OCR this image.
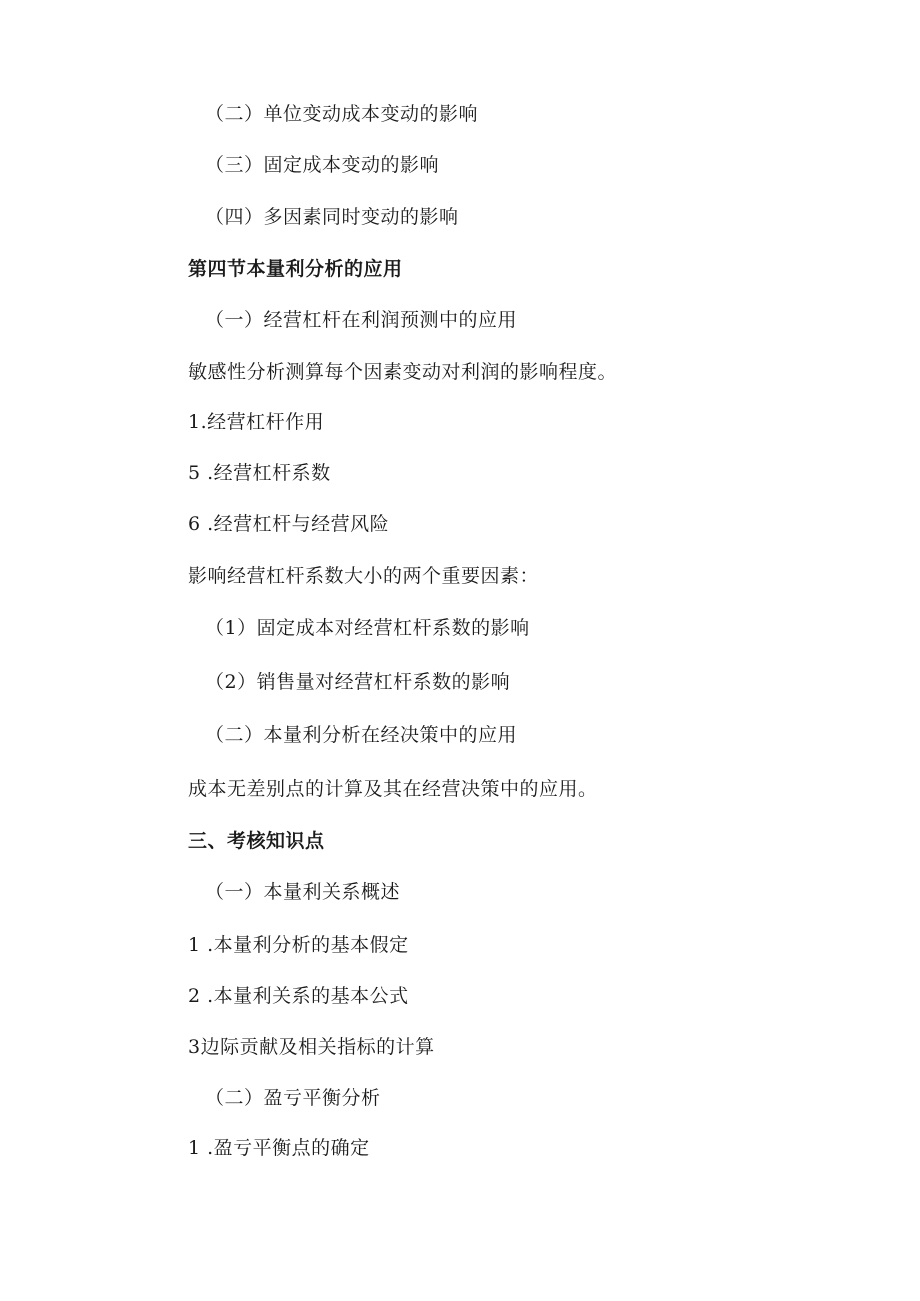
（二）单位变动成本变动的影响
（三）固定成本变动的影响
（四）多因素同时变动的影响
第四节本量利分析的应用
（一）经营杠杆在利润预测中的应用
敏感性分析测算每个因素变动对利润的影响程度。
1.经营杠杆作用
5 .经营杠杆系数
6 .经营杠杆与经营风险
影响经营杠杆系数大小的两个重要因素：
（1）固定成本对经营杠杆系数的影响
（2）销售量对经营杠杆系数的影响
（二）本量利分析在经决策中的应用
成本无差别点的计算及其在经营决策中的应用。
三、考核知识点
（一）本量利关系概述
1 .本量利分析的基本假定
2 .本量利关系的基本公式
3边际贡献及相关指标的计算
（二）盈亏平衡分析
1 .盈亏平衡点的确定
